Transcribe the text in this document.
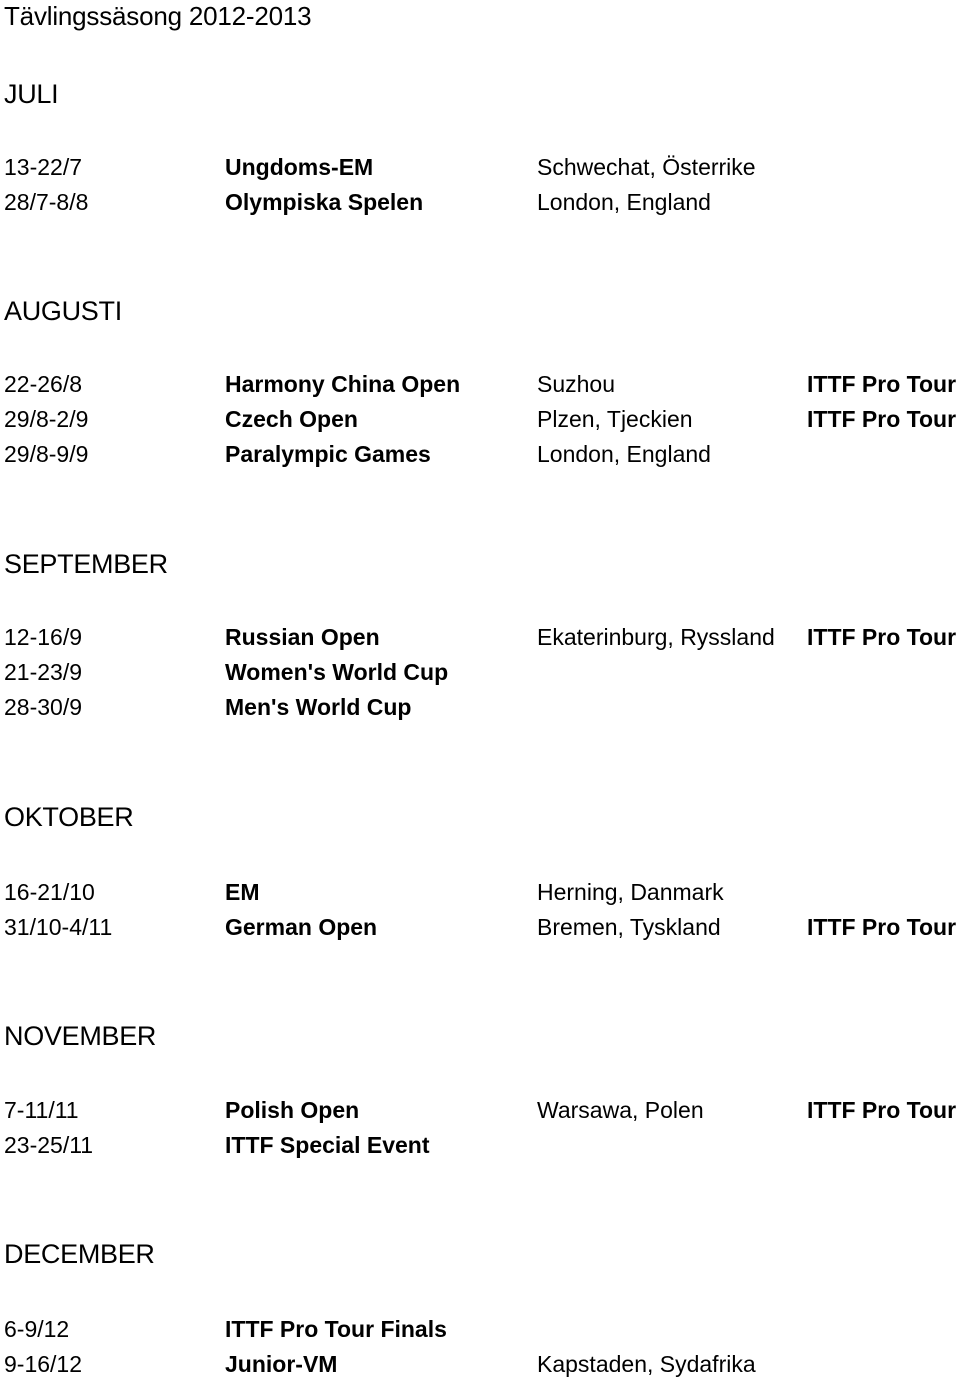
Tävlingssäsong 2012-2013
JULI
13-22/7	Ungdoms-EM	Schwechat, Österrike
28/7-8/8	Olympiska Spelen	London, England
AUGUSTI
22-26/8	Harmony China Open	Suzhou	ITTF Pro Tour
29/8-2/9	Czech Open	Plzen, Tjeckien	ITTF Pro Tour
29/8-9/9	Paralympic Games	London, England
SEPTEMBER
12-16/9	Russian Open	Ekaterinburg, Ryssland ITTF Pro Tour
21-23/9	Women's World Cup
28-30/9	Men's World Cup
OKTOBER
16-21/10	EM	Herning, Danmark
31/10-4/11	German Open	Bremen, Tyskland	ITTF Pro Tour
NOVEMBER
7-11/11	Polish Open	Warsawa, Polen	ITTF Pro Tour
23-25/11	ITTF Special Event
DECEMBER
6-9/12	ITTF Pro Tour Finals
9-16/12	Junior-VM	Kapstaden, Sydafrika
